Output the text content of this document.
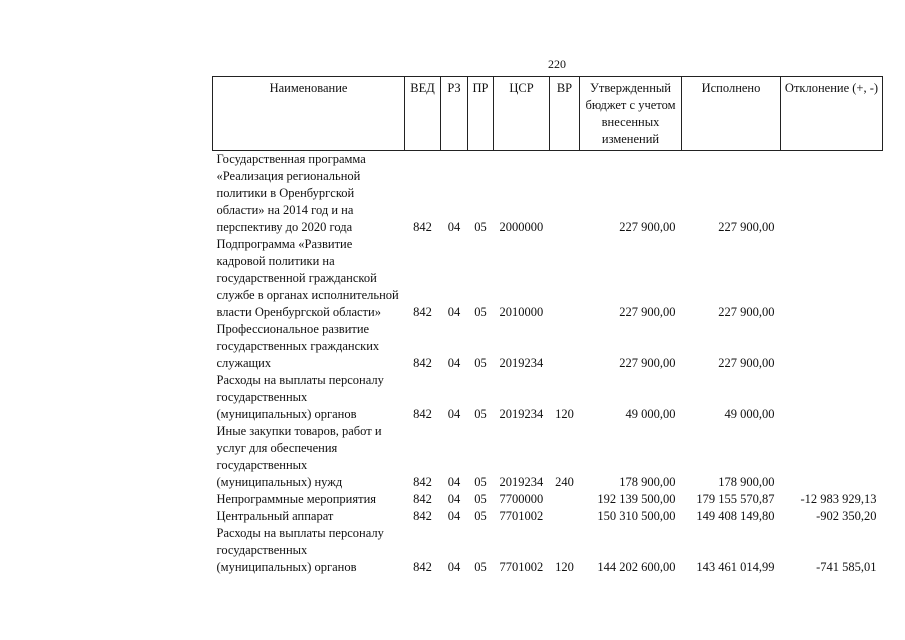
220
Наименование	ВЕД	РЗ	ПР	ЦСР	ВР	Утвержденный бюджет с учетом внесенных изменений	Исполнено	Отклонение (+, -)
Государственная программа «Реализация региональной политики в Оренбургской области» на 2014 год и на перспективу до 2020 года	842	04	05	2000000		227 900,00	227 900,00	
Подпрограмма «Развитие кадровой политики на государственной гражданской службе в органах исполнительной власти Оренбургской области»	842	04	05	2010000		227 900,00	227 900,00	
Профессиональное развитие государственных гражданских служащих	842	04	05	2019234		227 900,00	227 900,00	
Расходы на выплаты персоналу государственных (муниципальных) органов	842	04	05	2019234	120	49 000,00	49 000,00	
Иные закупки товаров, работ и услуг для обеспечения государственных (муниципальных) нужд	842	04	05	2019234	240	178 900,00	178 900,00	
Непрограммные мероприятия	842	04	05	7700000		192 139 500,00	179 155 570,87	-12 983 929,13
Центральный аппарат	842	04	05	7701002		150 310 500,00	149 408 149,80	-902 350,20
Расходы на выплаты персоналу государственных (муниципальных) органов	842	04	05	7701002	120	144 202 600,00	143 461 014,99	-741 585,01
